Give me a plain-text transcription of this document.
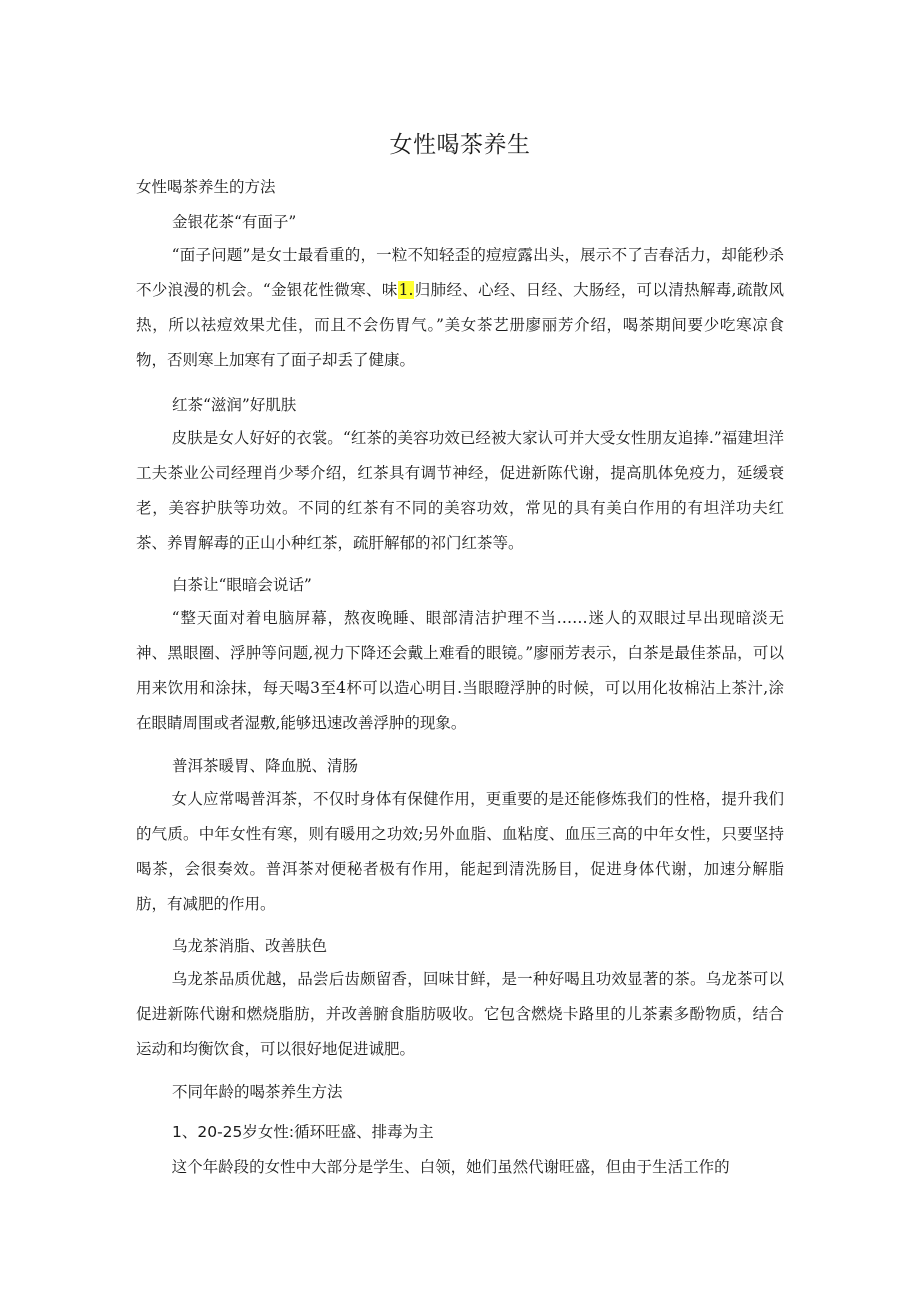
女性喝茶养生
女性喝茶养生的方法
金银花茶“有面子”
“面子问题”是女士最看重的，一粒不知轻歪的痘痘露出头，展示不了吉春活力，却能秒杀不少浪漫的机会。“金银花性微寒、味1.归肺经、心经、日经、大肠经，可以清热解毒,疏散风热，所以祛痘效果尤佳，而且不会伤胃气。”美女茶艺册廖丽芳介绍，喝茶期间要少吃寒凉食物，否则寒上加寒有了面子却丢了健康。
红茶“滋润”好肌肤
皮肤是女人好好的衣裳。“红茶的美容功效已经被大家认可并大受女性朋友追捧.”福建坦洋工夫茶业公司经理肖少琴介绍，红茶具有调节神经，促进新陈代谢，提高肌体免疫力，延缓衰老，美容护肤等功效。不同的红茶有不同的美容功效，常见的具有美白作用的有坦洋功夫红茶、养胃解毒的正山小种红茶，疏肝解郁的祁门红茶等。
白茶让“眼暗会说话”
“整天面对着电脑屏幕，熬夜晚睡、眼部清洁护理不当……迷人的双眼过早出现暗淡无神、黑眼圈、浮肿等问题,视力下降还会戴上难看的眼镜。”廖丽芳表示，白茶是最佳茶品，可以用来饮用和涂抹，每天喝3至4杯可以造心明目.当眼瞪浮肿的时候，可以用化妆棉沾上茶汁,涂在眼睛周围或者湿敷,能够迅速改善浮肿的现象。
普洱茶暖胃、降血脱、清肠
女人应常喝普洱茶，不仅时身体有保健作用，更重要的是还能修炼我们的性格，提升我们的气质。中年女性有寒，则有暖用之功效;另外血脂、血粘度、血压三高的中年女性，只要坚持喝茶，会很奏效。普洱茶对便秘者极有作用，能起到清洗肠目，促进身体代谢，加速分解脂肪，有减肥的作用。
乌龙茶消脂、改善肤色
乌龙茶品质优越，品尝后齿颇留香，回味甘鲜，是一种好喝且功效显著的茶。乌龙茶可以促进新陈代谢和燃烧脂肪，并改善腑食脂肪吸收。它包含燃烧卡路里的儿茶素多酚物质，结合运动和均衡饮食，可以很好地促进诚肥。
不同年龄的喝茶养生方法
1、20-25岁女性:循环旺盛、排毒为主
这个年龄段的女性中大部分是学生、白领，她们虽然代谢旺盛，但由于生活工作的
